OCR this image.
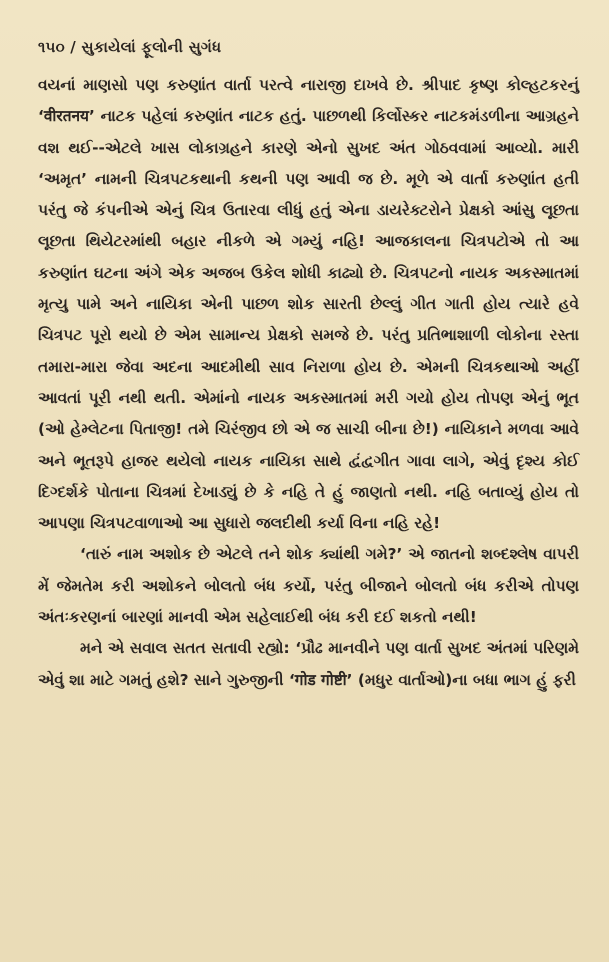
૧૫૦ / સુકાયેલાં ફૂલોની સુગંધ

વયનાં માણસો પણ કરુણાંત વાર્તા પરત્વે નારાજી દાખવે છે. શ્રીપાદ કૃષ્ણ કોલ્હટકરનું ‘वीरतनय’ નાટક પહેલાં કરુણાંત નાટક હતું. પાછળથી કિર્લોસ્કર નાટકમંડળીના આગ્રહને વશ થઈ--એટલે ખાસ લોકાગ્રહને કારણે એનો સુખદ અંત ગોઠવવામાં આવ્યો. મારી ‘અમૃત’ નામની ચિત્રપટકથાની કથની પણ આવી જ છે. મૂળે એ વાર્તા કરુણાંત હતી પરંતુ જે કંપનીએ એનું ચિત્ર ઉતારવા લીધું હતું એના ડાયરેક્ટરોને પ્રેક્ષકો આંસુ લૂછતા લૂછતા થિયેટરમાંથી બહાર નીકળે એ ગમ્યું નહિ! આજકાલના ચિત્રપટોએ તો આ કરુણાંત ઘટના અંગે એક અજબ ઉકેલ શોધી કાઢ્યો છે. ચિત્રપટનો નાયક અકસ્માતમાં મૃત્યુ પામે અને નાયિકા એની પાછળ શોક સારતી છેલ્લું ગીત ગાતી હોય ત્યારે હવે ચિત્રપટ પૂરો થયો છે એમ સામાન્ય પ્રેક્ષકો સમજે છે. પરંતુ પ્રતિભાશાળી લોકોના રસ્તા તમારા-મારા જેવા અદના આદમીથી સાવ નિરાળા હોય છે. એમની ચિત્રકથાઓ અહીં આવતાં પૂરી નથી થતી. એમાંનો નાયક અકસ્માતમાં મરી ગયો હોય તોપણ એનું ભૂત (ઓ હેમ્લેટના પિતાજી! તમે ચિરંજીવ છો એ જ સાચી બીના છે!) નાયિકાને મળવા આવે અને ભૂતરૂપે હાજર થયેલો નાયક નાયિકા સાથે દ્વંદ્વગીત ગાવા લાગે, એવું દૃશ્ય કોઈ દિગ્દર્શકે પોતાના ચિત્રમાં દેખાડ્યું છે કે નહિ તે હું જાણતો નથી. નહિ બતાવ્યું હોય તો આપણા ચિત્રપટવાળાઓ આ સુધારો જલદીથી કર્યા વિના નહિ રહે!

‘તારું નામ અશોક છે એટલે તને શોક ક્યાંથી ગમે?’ એ જાતનો શબ્દશ્લેષ વાપરી મેં જેમતેમ કરી અશોકને બોલતો બંધ કર્યો, પરંતુ બીજાને બોલતો બંધ કરીએ તોપણ અંતઃકરણનાં બારણાં માનવી એમ સહેલાઈથી બંધ કરી દઈ શકતો નથી!

મને એ સવાલ સતત સતાવી રહ્યો: ‘પ્રૌઢ માનવીને પણ વાર્તા સુખદ અંતમાં પરિણમે એવું શા માટે ગમતું હશે? સાને ગુરુજીની ‘गोड गोष्टी’ (મધુર વાર્તાઓ)ના બધા ભાગ હું ફરી
